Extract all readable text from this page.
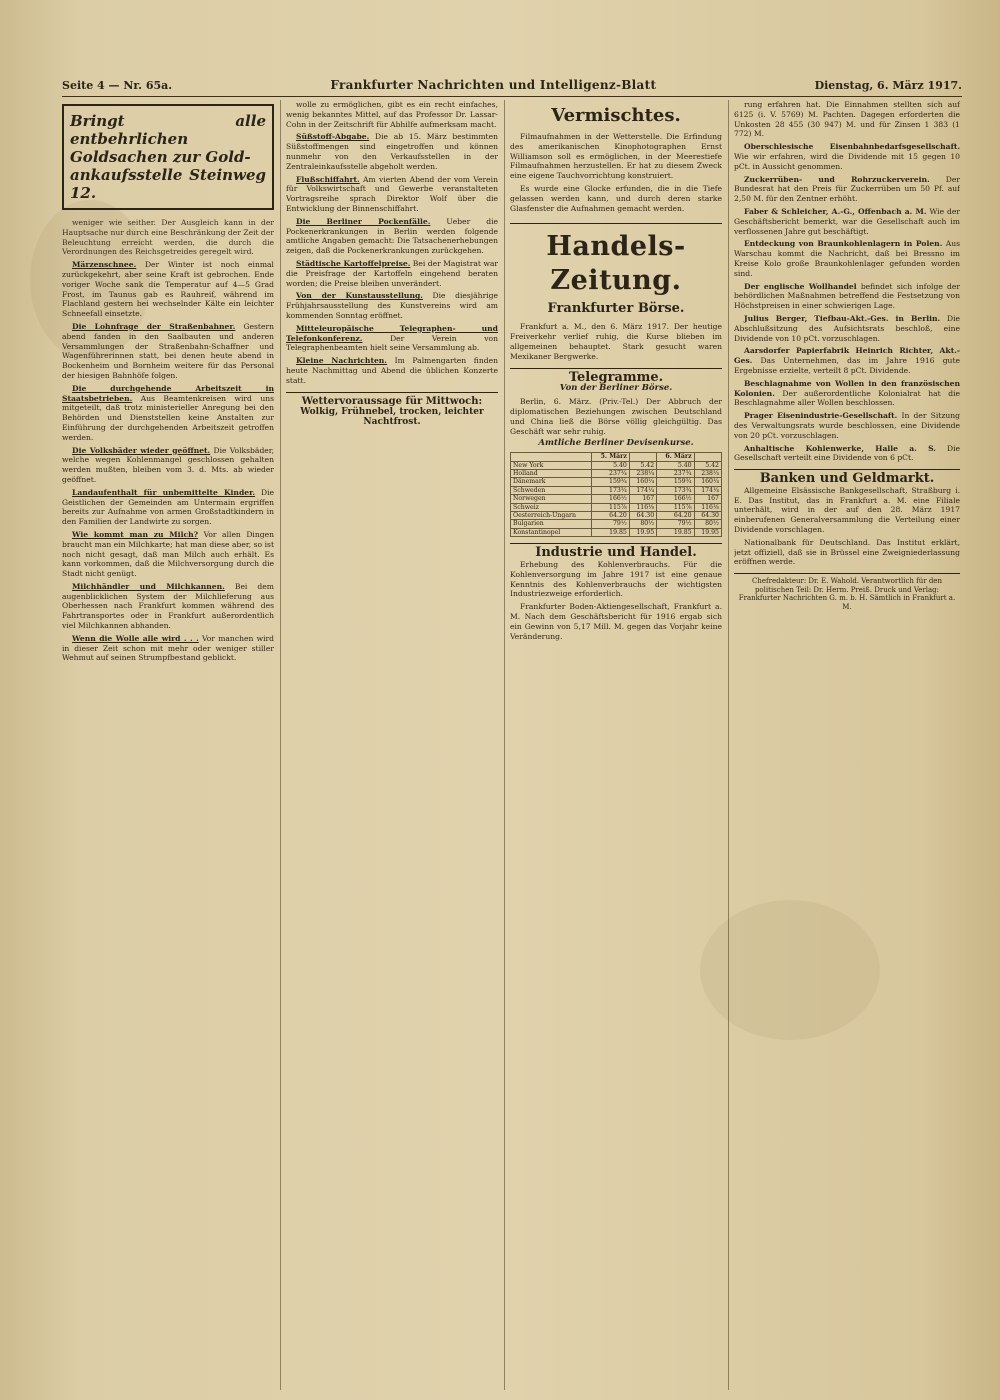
Seite 4 — Nr. 65a.	Frankfurter Nachrichten und Intelligenz-Blatt	Dienstag, 6. März 1917.
Bringt alle entbehrlichen
Goldsachen zur Gold-
ankaufsstelle Steinweg 12.

weniger wie seither. Der Ausgleich kann in der Hauptsache nur durch eine Beschränkung der Zeit der Beleuchtung erreicht werden, die durch die Verordnungen des Reichsgetreides geregelt wird.

Märzenschnee. Der Winter ist noch einmal zurückgekehrt, aber seine Kraft ist gebrochen. Ende voriger Woche sank die Temperatur auf 4—5 Grad Frost, im Taunus gab es Rauhreif, während im Flachland gestern bei wechselnder Kälte ein leichter Schneefall einsetzte.

Die Lohnfrage der Straßenbahner. Gestern abend fanden in den Saalbauten und anderen Versammlungen der Straßenbahn-Schaffner und Wagenführerinnen statt, bei denen heute abend in Bockenheim und Bornheim weitere für das Personal der hiesigen Bahnhöfe folgen.

Die durchgehende Arbeitszeit in Staatsbetrieben. Aus Beamtenkreisen wird uns mitgeteilt, daß trotz ministerieller Anregung bei den Behörden und Dienststellen keine Anstalten zur Einführung der durchgehenden Arbeitszeit getroffen werden.

Die Volksbäder wieder geöffnet. Die Volksbäder, welche wegen Kohlenmangel geschlossen gehalten werden mußten, bleiben vom 3. d. Mts. ab wieder geöffnet.

Landaufenthalt für unbemittelte Kinder. Die Geistlichen der Gemeinden am Untermain ergriffen bereits zur Aufnahme von armen Großstadtkindern in den Familien der Landwirte zu sorgen.

Wie kommt man zu Milch? Vor allen Dingen braucht man ein Milchkarte; hat man diese aber, so ist noch nicht gesagt, daß man Milch auch erhält. Es kann vorkommen, daß die Milchversorgung durch die Stadt nicht genügt.

Milchhändler und Milchkannen. Bei dem augenblicklichen System der Milchlieferung aus Oberhessen nach Frankfurt kommen während des Fahrtransportes oder in Frankfurt außerordentlich viel Milchkannen abhanden.

Wenn die Wolle alle wird . . . Vor manchen wird in dieser Zeit schon mit mehr oder weniger stiller Wehmut auf seinen Strumpfbestand geblickt.

wolle zu ermöglichen, gibt es ein recht einfaches, wenig bekanntes Mittel, auf das Professor Dr. Lassar-Cohn in der Zeitschrift für Abhilfe aufmerksam macht.

Süßstoff-Abgabe. Die ab 15. März bestimmten Süßstoffmengen sind eingetroffen und können nunmehr von den Verkaufsstellen in der Zentraleinkaufsstelle abgeholt werden.

Flußschiffahrt. Am vierten Abend der vom Verein für Volkswirtschaft und Gewerbe veranstalteten Vortragsreihe sprach Direktor Wolf über die Entwicklung der Binnenschiffahrt.

Die Berliner Pockenfälle. Ueber die Pockenerkrankungen in Berlin werden folgende amtliche Angaben gemacht: Die Tatsachenerhebungen zeigen, daß die Pockenerkrankungen zurückgehen.

Städtische Kartoffelpreise. Bei der Magistrat war die Preisfrage der Kartoffeln eingehend beraten worden; die Preise bleiben unverändert.

Von der Kunstausstellung. Die diesjährige Frühjahrsausstellung des Kunstvereins wird am kommenden Sonntag eröffnet.

Mitteleuropäische Telegraphen- und Telefonkonferenz.	Der Verein von Telegraphenbeamten hielt seine Versammlung ab.

Kleine Nachrichten. Im Palmengarten finden heute Nachmittag und Abend die üblichen Konzerte statt.

Wettervoraussage für Mittwoch:
Wolkig, Frühnebel, trocken, leichter Nachtfrost.
Vermischtes.

Filmaufnahmen in der Wetterstelle. Die Erfindung des amerikanischen Kinophotographen Ernst Williamson soll es ermöglichen, in der Meerestiefe Filmaufnahmen herzustellen. Er hat zu diesem Zweck eine eigene Tauchvorrichtung konstruiert.

Es wurde eine Glocke erfunden, die in die Tiefe gelassen werden kann, und durch deren starke Glasfenster die Aufnahmen gemacht werden.

Handels-Zeitung.
Frankfurter Börse.

Frankfurt a. M., den 6. März 1917. Der heutige Freiverkehr verlief ruhig, die Kurse blieben im allgemeinen behauptet. Stark gesucht waren Mexikaner Bergwerke.

Telegramme.
Von der Berliner Börse.

Berlin, 6. März. (Priv.-Tel.) Der Abbruch der diplomatischen Beziehungen zwischen Deutschland und China ließ die Börse völlig gleichgültig. Das Geschäft war sehr ruhig.

Amtliche Berliner Devisenkurse.
	5. März		6. März	
New York	5.40	5.42	5.40	5.42
Holland	237¾	238¼	237¾	238¼
Dänemark	159¾	160¼	159¾	160¼
Schweden	173¾	174¼	173¾	174¼
Norwegen	166½	167	166½	167
Schweiz	115⅞	116⅛	115⅞	116⅛
Oesterreich-Ungarn	64.20	64.30	64.20	64.30
Bulgarien	79½	80½	79½	80½
Konstantinopel	19.85	19.95	19.85	19.95
Industrie und Handel.

Erhebung des Kohlenverbrauchs. Für die Kohlenversorgung im Jahre 1917 ist eine genaue Kenntnis des Kohlenverbrauchs der wichtigsten Industriezweige erforderlich.

Frankfurter Boden-Aktiengesellschaft, Frankfurt a. M. Nach dem Geschäftsbericht für 1916 ergab sich ein Gewinn von 5,17 Mill. M. gegen das Vorjahr keine Veränderung.

rung erfahren hat. Die Einnahmen stellten sich auf 6125 (i. V. 5769) M. Pachten. Dagegen erforderten die Unkosten 28 455 (30 947) M. und für Zinsen 1 383 (1 772) M.

Oberschlesische Eisenbahnbedarfsgesellschaft. Wie wir erfahren, wird die Dividende mit 15 gegen 10 pCt. in Aussicht genommen.

Zuckerrüben- und Rohrzuckerverein. Der Bundesrat hat den Preis für Zuckerrüben um 50 Pf. auf 2,50 M. für den Zentner erhöht.

Faber & Schleicher, A.-G., Offenbach a. M. Wie der Geschäftsbericht bemerkt, war die Gesellschaft auch im verflossenen Jahre gut beschäftigt.

Entdeckung von Braunkohlenlagern in Polen. Aus Warschau kommt die Nachricht, daß bei Bressno im Kreise Kolo große Braunkohlenlager gefunden worden sind.

Der englische Wollhandel befindet sich infolge der behördlichen Maßnahmen betreffend die Festsetzung von Höchstpreisen in einer schwierigen Lage.

Julius Berger, Tiefbau-Akt.-Ges. in Berlin. Die Abschlußsitzung des Aufsichtsrats beschloß, eine Dividende von 10 pCt. vorzuschlagen.

Aarsdorfer Papierfabrik Heinrich Richter, Akt.-Ges. Das Unternehmen, das im Jahre 1916 gute Ergebnisse erzielte, verteilt 8 pCt. Dividende.

Beschlagnahme von Wollen in den französischen Kolonien. Der außerordentliche Kolonialrat hat die Beschlagnahme aller Wollen beschlossen.

Prager Eisenindustrie-Gesellschaft. In der Sitzung des Verwaltungsrats wurde beschlossen, eine Dividende von 20 pCt. vorzuschlagen.

Anhaltische Kohlenwerke, Halle a. S. Die Gesellschaft verteilt eine Dividende von 6 pCt.

Banken und Geldmarkt.

Allgemeine Elsässische Bankgesellschaft, Straßburg i. E. Das Institut, das in Frankfurt a. M. eine Filiale unterhält, wird in der auf den 28. März 1917 einberufenen Generalversammlung die Verteilung einer Dividende vorschlagen.

Nationalbank für Deutschland. Das Institut erklärt, jetzt offiziell, daß sie in Brüssel eine Zweigniederlassung eröffnen werde.

Chefredakteur: Dr. E. Wahold. Verantwortlich für den politischen Teil: Dr. Herm. Preiß. Druck und Verlag: Frankfurter Nachrichten G. m. b. H. Sämtlich in Frankfurt a. M.
